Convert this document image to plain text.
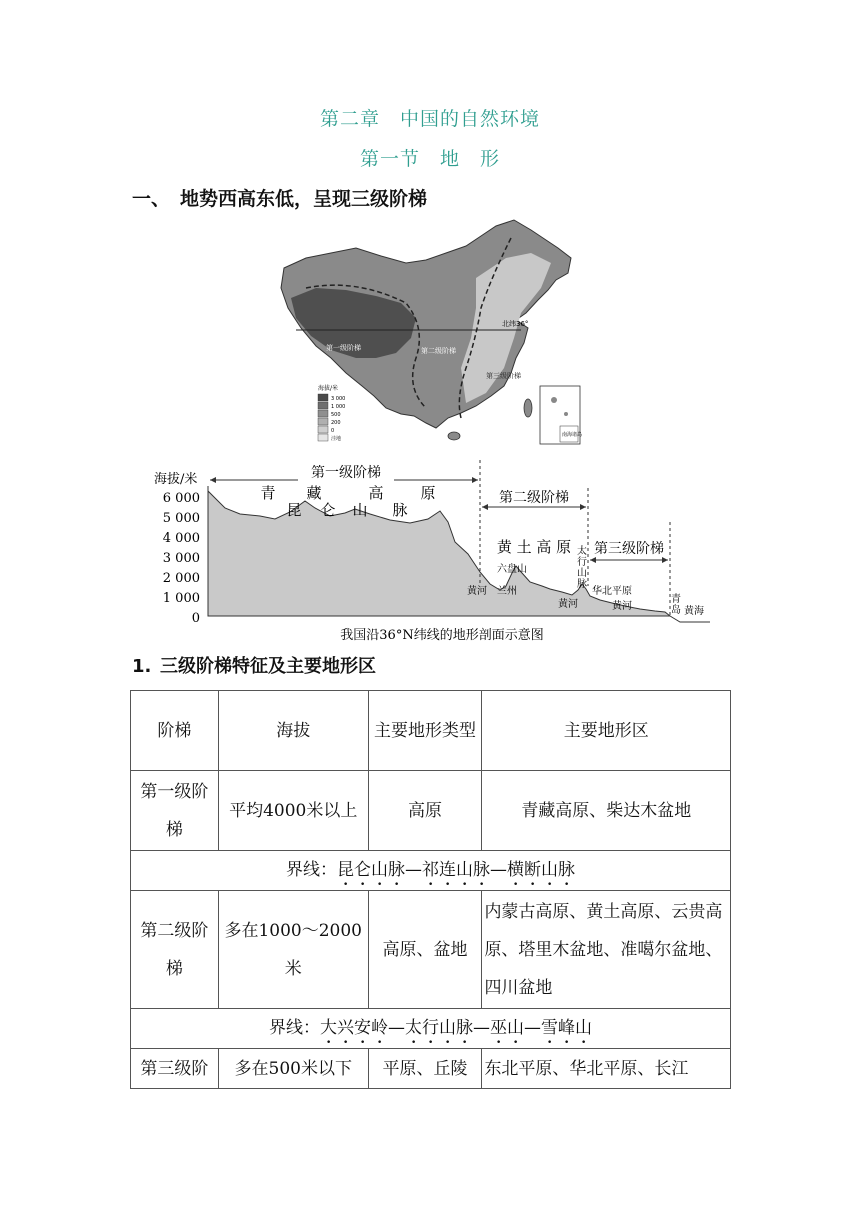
第二章　中国的自然环境
第一节　地　形
一、 地势西高东低，呈现三级阶梯
北纬36°
第一级阶梯	第二级阶梯
第三级阶梯
海拔/米
3 000
1 000
500
200
0
洼地
南海诸岛
海拔/米
6 000
5 000
4 000
3 000
2 000
1 000
0
第一级阶梯
第二级阶梯
第三级阶梯
青 藏	高 原
昆 仑 山 脉
黄 土 高 原
六盘山
太行山脉
黄河 兰州
黄河
华北平原
黄河
青岛 黄海
我国沿36°N纬线的地形剖面示意图
1. 三级阶梯特征及主要地形区
阶梯	海拔	主要地形类型	主要地形区
第一级阶梯	平均4000米以上	高原	青藏高原、柴达木盆地
界线：昆仑山脉—祁连山脉—横断山脉			
第二级阶梯	多在1000～2000米	高原、盆地	内蒙古高原、黄土高原、云贵高原、塔里木盆地、准噶尔盆地、四川盆地
界线：大兴安岭—太行山脉—巫山—雪峰山			
第三级阶	多在500米以下	平原、丘陵	东北平原、华北平原、长江
